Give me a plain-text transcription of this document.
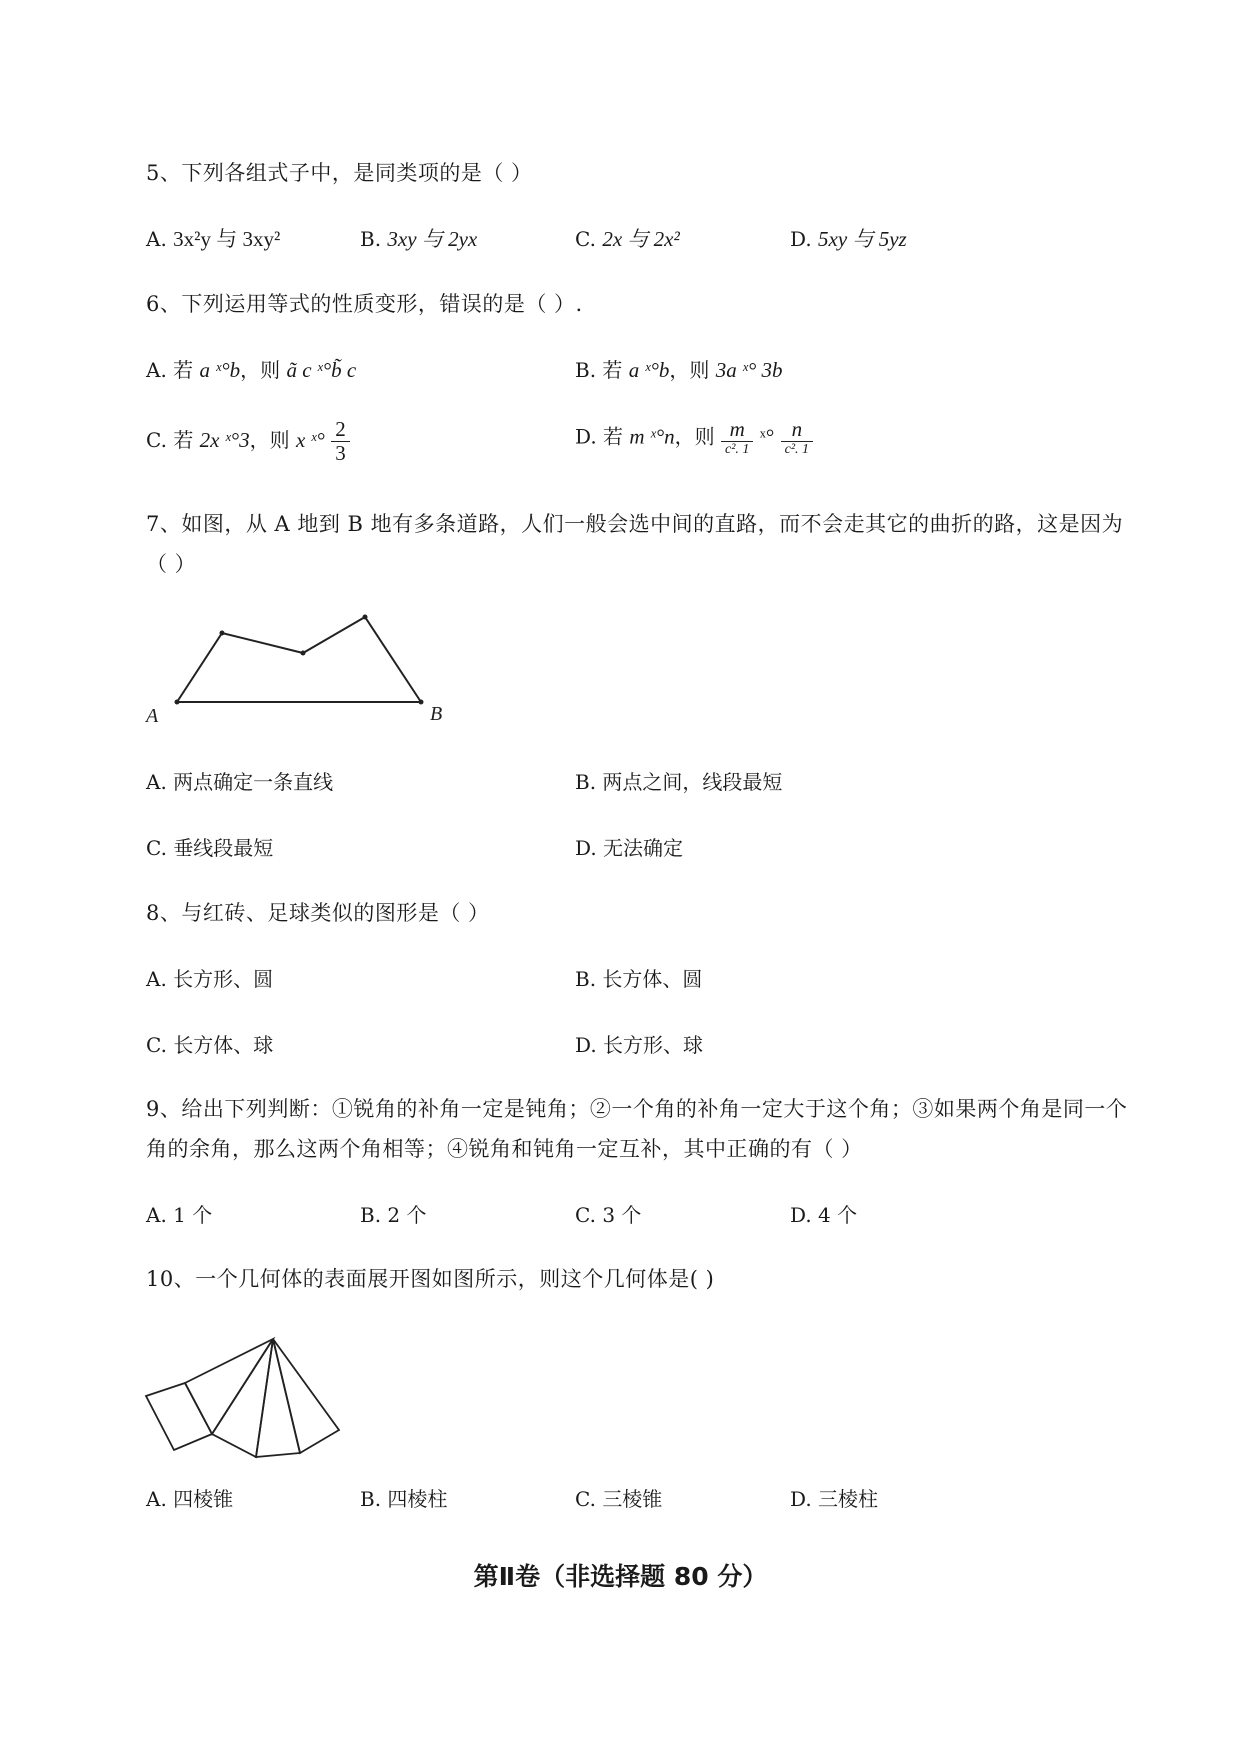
5、下列各组式子中，是同类项的是（ ）
A. 3x²y 与 3xy²	B. 3xy 与 2yx	C. 2x 与 2x²	D. 5xy 与 5yz
6、下列运用等式的性质变形，错误的是（ ）.
A. 若 a ˣ°b，则 ã c ˣ°b̃ c	B. 若 a ˣ°b，则 3a ˣ° 3b
C. 若 2x ˣ°3，则 x ˣ° $\frac{2}{3}$	D. 若 m ˣ°n，则 $\frac{m}{\text{c². 1}}$ ˣ° $\frac{n}{\text{c². 1}}$
7、如图，从 A 地到 B 地有多条道路，人们一般会选中间的直路，而不会走其它的曲折的路，这是因为
（ ）
A	B
A. 两点确定一条直线	B. 两点之间，线段最短
C. 垂线段最短	D. 无法确定
8、与红砖、足球类似的图形是（ ）
A. 长方形、圆	B. 长方体、圆
C. 长方体、球	D. 长方形、球
9、给出下列判断：①锐角的补角一定是钝角；②一个角的补角一定大于这个角；③如果两个角是同一个
角的余角，那么这两个角相等；④锐角和钝角一定互补，其中正确的有（ ）
A. 1 个	B. 2 个	C. 3 个	D. 4 个
10、一个几何体的表面展开图如图所示，则这个几何体是( )
A. 四棱锥	B. 四棱柱	C. 三棱锥	D. 三棱柱
第Ⅱ卷（非选择题 80 分）
